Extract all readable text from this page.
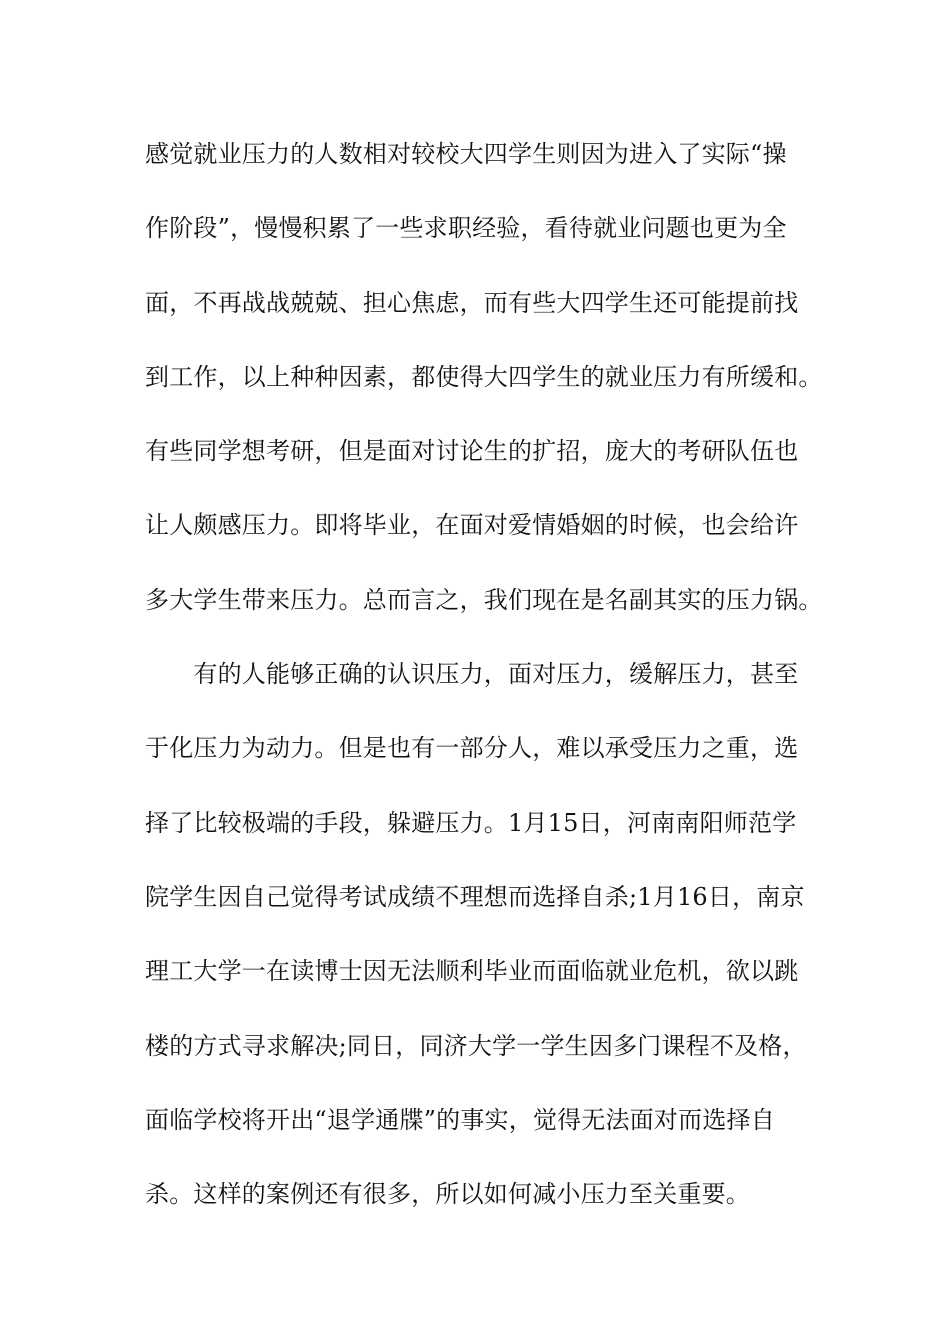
感觉就业压力的人数相对较校大四学生则因为进入了实际“操
作阶段”，慢慢积累了一些求职经验，看待就业问题也更为全
面，不再战战兢兢、担心焦虑，而有些大四学生还可能提前找
到工作，以上种种因素，都使得大四学生的就业压力有所缓和。
有些同学想考研，但是面对讨论生的扩招，庞大的考研队伍也
让人颇感压力。即将毕业，在面对爱情婚姻的时候，也会给许
多大学生带来压力。总而言之，我们现在是名副其实的压力锅。
　　有的人能够正确的认识压力，面对压力，缓解压力，甚至
于化压力为动力。但是也有一部分人，难以承受压力之重，选
择了比较极端的手段，躲避压力。1月15日，河南南阳师范学
院学生因自己觉得考试成绩不理想而选择自杀;1月16日，南京
理工大学一在读博士因无法顺利毕业而面临就业危机，欲以跳
楼的方式寻求解决;同日，同济大学一学生因多门课程不及格，
面临学校将开出“退学通牒”的事实，觉得无法面对而选择自
杀。这样的案例还有很多，所以如何减小压力至关重要。
